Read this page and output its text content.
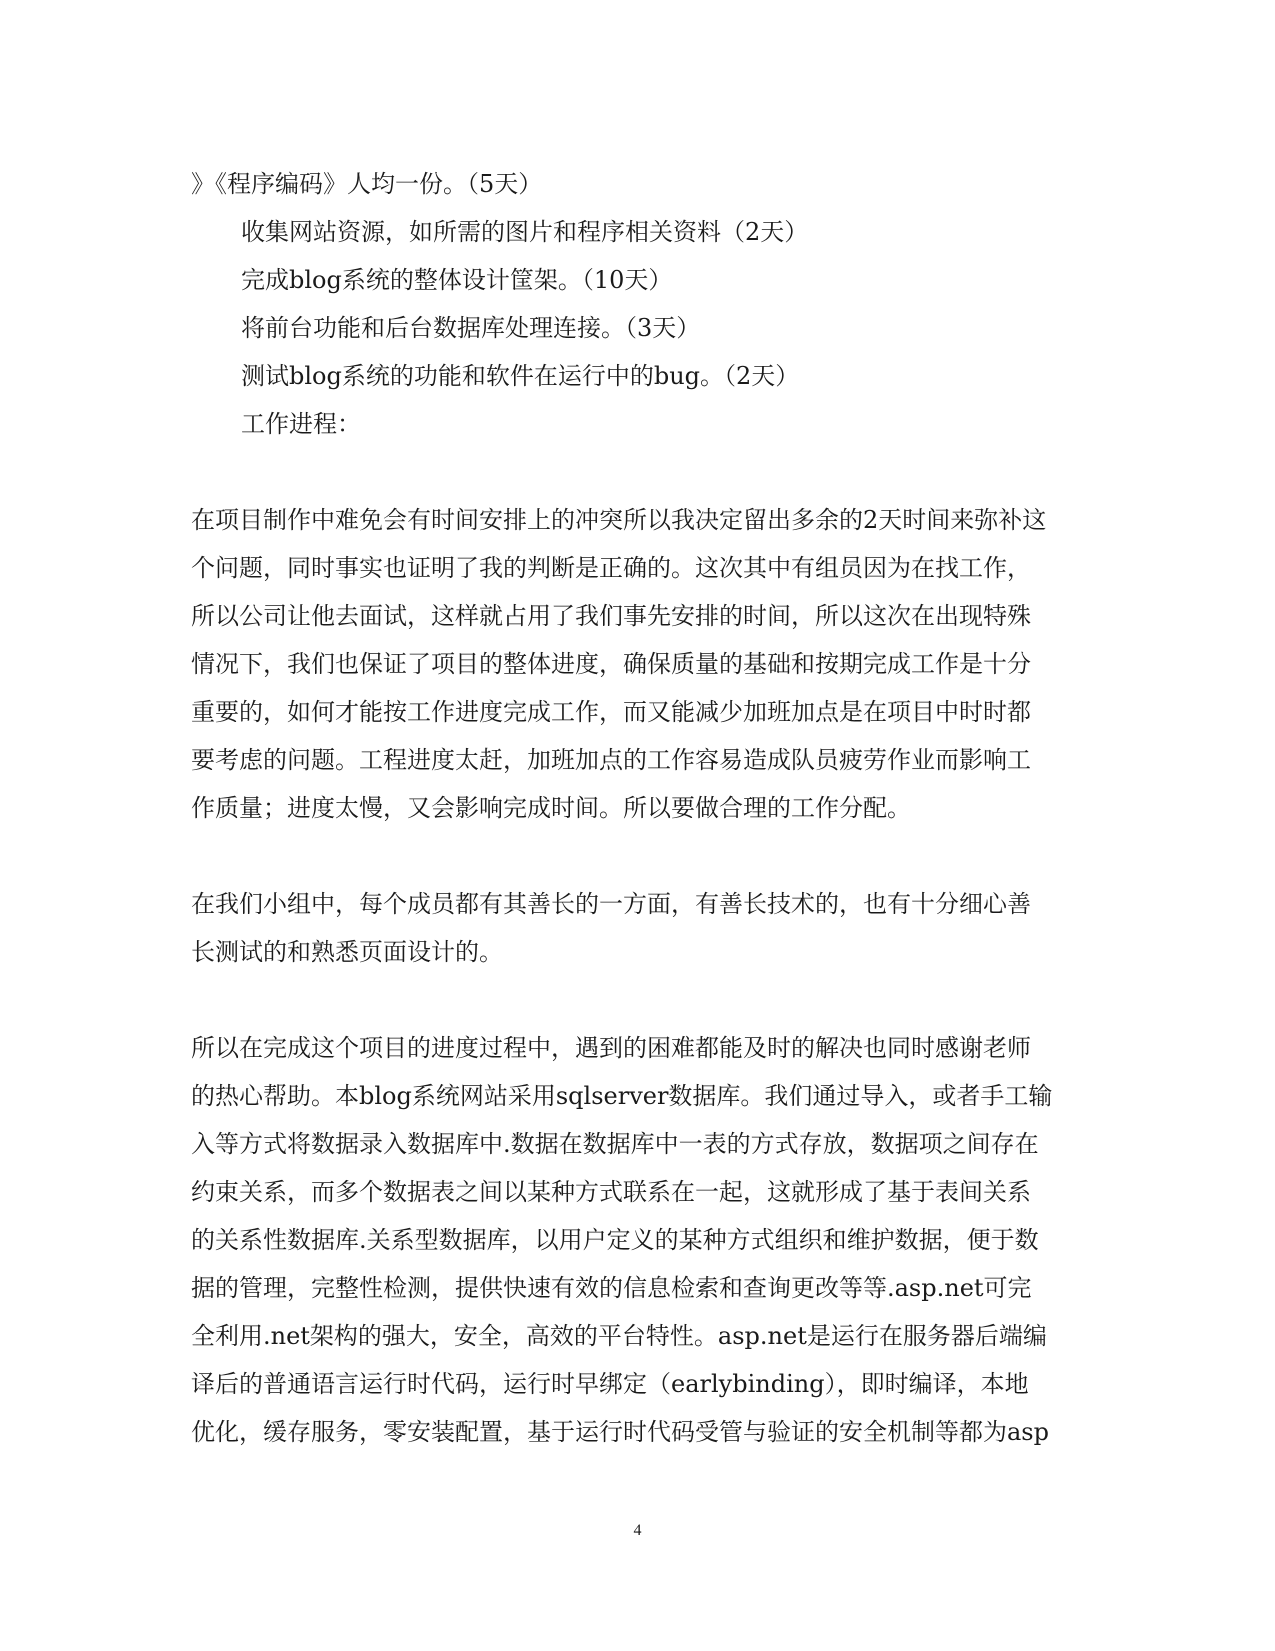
》《程序编码》人均一份。（5天）
收集网站资源，如所需的图片和程序相关资料（2天）
完成blog系统的整体设计筐架。（10天）
将前台功能和后台数据库处理连接。（3天）
测试blog系统的功能和软件在运行中的bug。（2天）
工作进程：
在项目制作中难免会有时间安排上的冲突所以我决定留出多余的2天时间来弥补这
个问题，同时事实也证明了我的判断是正确的。这次其中有组员因为在找工作，
所以公司让他去面试，这样就占用了我们事先安排的时间，所以这次在出现特殊
情况下，我们也保证了项目的整体进度，确保质量的基础和按期完成工作是十分
重要的，如何才能按工作进度完成工作，而又能减少加班加点是在项目中时时都
要考虑的问题。工程进度太赶，加班加点的工作容易造成队员疲劳作业而影响工
作质量；进度太慢，又会影响完成时间。所以要做合理的工作分配。
在我们小组中，每个成员都有其善长的一方面，有善长技术的，也有十分细心善
长测试的和熟悉页面设计的。
所以在完成这个项目的进度过程中，遇到的困难都能及时的解决也同时感谢老师
的热心帮助。本blog系统网站采用sqlserver数据库。我们通过导入，或者手工输
入等方式将数据录入数据库中.数据在数据库中一表的方式存放，数据项之间存在
约束关系，而多个数据表之间以某种方式联系在一起，这就形成了基于表间关系
的关系性数据库.关系型数据库，以用户定义的某种方式组织和维护数据，便于数
据的管理，完整性检测，提供快速有效的信息检索和查询更改等等.asp.net可完
全利用.net架构的强大，安全，高效的平台特性。asp.net是运行在服务器后端编
译后的普通语言运行时代码，运行时早绑定（earlybinding），即时编译，本地
优化，缓存服务，零安装配置，基于运行时代码受管与验证的安全机制等都为asp
4
